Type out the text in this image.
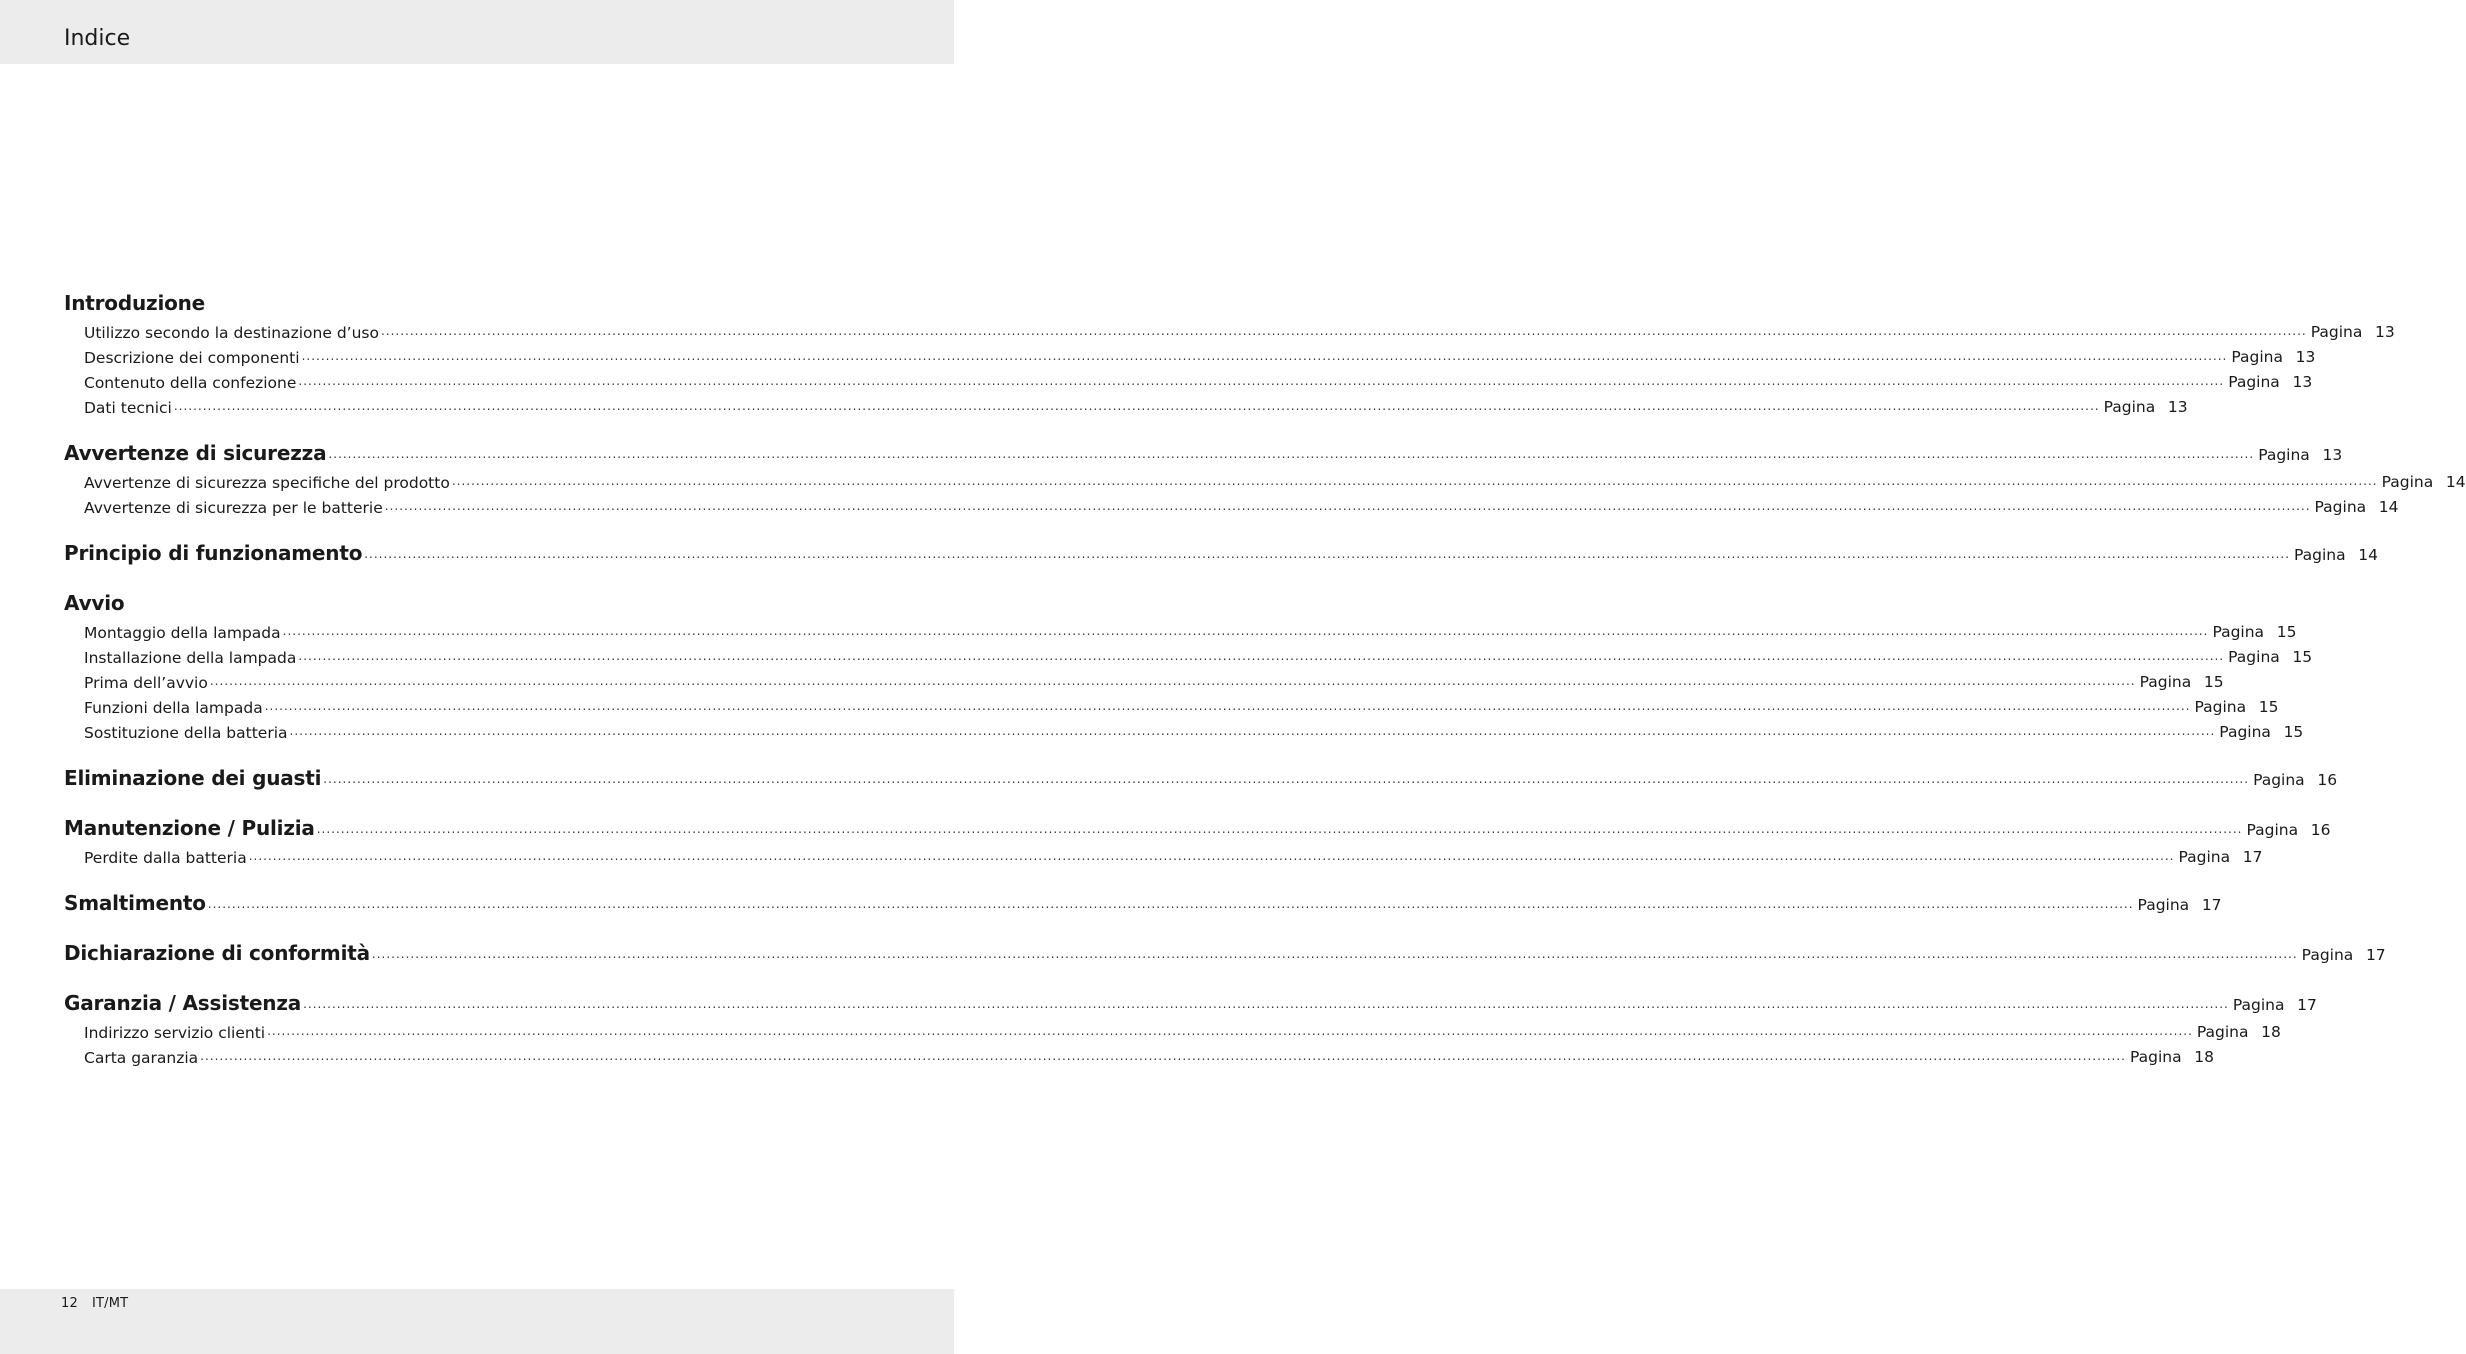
Indice
Introduzione
Utilizzo secondo la destinazione d’uso ................................................................................................................................................................................................................................................................................................................................................................................................................ Pagina 13
Descrizione dei componenti ................................................................................................................................................................................................................................................................................................................................................................................................................ Pagina 13
Contenuto della confezione ................................................................................................................................................................................................................................................................................................................................................................................................................ Pagina 13
Dati tecnici ................................................................................................................................................................................................................................................................................................................................................................................................................ Pagina 13
Avvertenze di sicurezza ................................................................................................................................................................................................................................................................................................................................................................................................................ Pagina 13
Avvertenze di sicurezza specifiche del prodotto ................................................................................................................................................................................................................................................................................................................................................................................................................ Pagina 14
Avvertenze di sicurezza per le batterie ................................................................................................................................................................................................................................................................................................................................................................................................................ Pagina 14
Principio di funzionamento ................................................................................................................................................................................................................................................................................................................................................................................................................ Pagina 14
Avvio
Montaggio della lampada ................................................................................................................................................................................................................................................................................................................................................................................................................ Pagina 15
Installazione della lampada ................................................................................................................................................................................................................................................................................................................................................................................................................ Pagina 15
Prima dell’avvio ................................................................................................................................................................................................................................................................................................................................................................................................................ Pagina 15
Funzioni della lampada ................................................................................................................................................................................................................................................................................................................................................................................................................ Pagina 15
Sostituzione della batteria ................................................................................................................................................................................................................................................................................................................................................................................................................ Pagina 15
Eliminazione dei guasti ................................................................................................................................................................................................................................................................................................................................................................................................................ Pagina 16
Manutenzione / Pulizia ................................................................................................................................................................................................................................................................................................................................................................................................................ Pagina 16
Perdite dalla batteria ................................................................................................................................................................................................................................................................................................................................................................................................................ Pagina 17
Smaltimento ................................................................................................................................................................................................................................................................................................................................................................................................................ Pagina 17
Dichiarazione di conformità ................................................................................................................................................................................................................................................................................................................................................................................................................ Pagina 17
Garanzia / Assistenza ................................................................................................................................................................................................................................................................................................................................................................................................................ Pagina 17
Indirizzo servizio clienti ................................................................................................................................................................................................................................................................................................................................................................................................................ Pagina 18
Carta garanzia ................................................................................................................................................................................................................................................................................................................................................................................................................ Pagina 18
12 IT/MT
